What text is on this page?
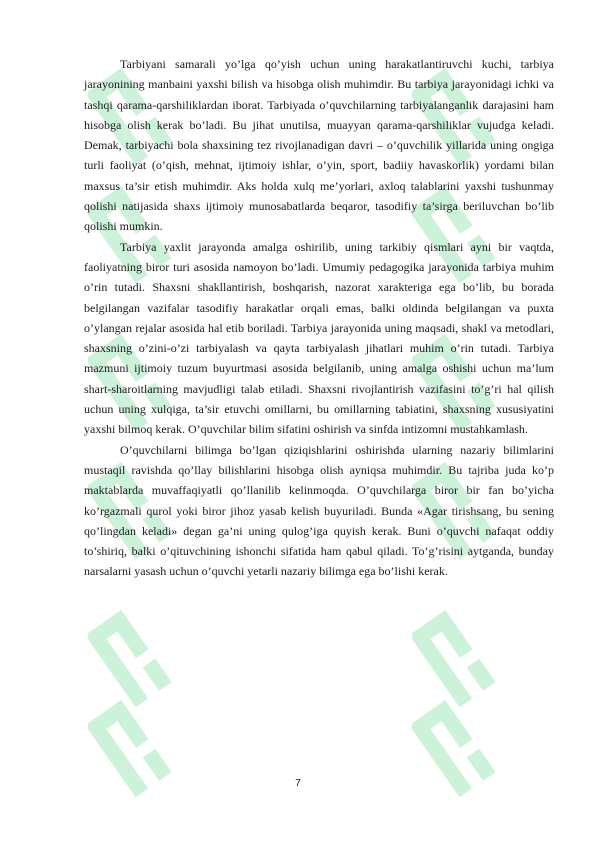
Tarbiyani samarali yo’lga qo’yish uchun uning harakatlantiruvchi kuchi, tarbiya jarayonining manbaini yaxshi bilish va hisobga olish muhimdir. Bu tarbiya jarayonidagi ichki va tashqi qarama-qarshiliklardan iborat. Tarbiyada o’quvchilarning tarbiyalanganlik darajasini ham hisobga olish kerak bo’ladi. Bu jihat unutilsa, muayyan qarama-qarshiliklar vujudga keladi. Demak, tarbiyachi bola shaxsining tez rivojlanadigan davri – o’quvchilik yillarida uning ongiga turli faoliyat (o’qish, mehnat, ijtimoiy ishlar, o’yin, sport, badiiy havaskorlik) yordami bilan maxsus ta’sir etish muhimdir. Aks holda xulq me’yorlari, axloq talablarini yaxshi tushunmay qolishi natijasida shaxs ijtimoiy munosabatlarda beqaror, tasodifiy ta’sirga beriluvchan bo’lib qolishi mumkin.

Tarbiya yaxlit jarayonda amalga oshirilib, uning tarkibiy qismlari ayni bir vaqtda, faoliyatning biror turi asosida namoyon bo’ladi. Umumiy pedagogika jarayonida tarbiya muhim o’rin tutadi. Shaxsni shakllantirish, boshqarish, nazorat xarakteriga ega bo’lib, bu borada belgilangan vazifalar tasodifiy harakatlar orqali emas, balki oldinda belgilangan va puxta o’ylangan rejalar asosida hal etib boriladi. Tarbiya jarayonida uning maqsadi, shakl va metodlari, shaxsning o’zini-o’zi tarbiyalash va qayta tarbiyalash jihatlari muhim o’rin tutadi. Tarbiya mazmuni ijtimoiy tuzum buyurtmasi asosida belgilanib, uning amalga oshishi uchun ma’lum shart-sharoitlarning mavjudligi talab etiladi. Shaxsni rivojlantirish vazifasini to’g’ri hal qilish uchun uning xulqiga, ta’sir etuvchi omillarni, bu omillarning tabiatini, shaxsning xususiyatini yaxshi bilmoq kerak. O’quvchilar bilim sifatini oshirish va sinfda intizomni mustahkamlash.

O’quvchilarni bilimga bo’lgan qiziqishlarini oshirishda ularning nazariy bilimlarini mustaqil ravishda qo’llay bilishlarini hisobga olish ayniqsa muhimdir. Bu tajriba juda ko’p maktablarda muvaffaqiyatli qo’llanilib kelinmoqda. O’quvchilarga biror bir fan bo’yicha ko’rgazmali qurol yoki biror jihoz yasab kelish buyuriladi. Bunda «Agar tirishsang, bu sening qo’lingdan keladi» degan ga’ni uning qulog’iga quyish kerak. Buni o’quvchi nafaqat oddiy to’shiriq, balki o’qituvchining ishonchi sifatida ham qabul qiladi. To’g’risini aytganda, bunday narsalarni yasash uchun o’quvchi yetarli nazariy bilimga ega bo’lishi kerak.

7
